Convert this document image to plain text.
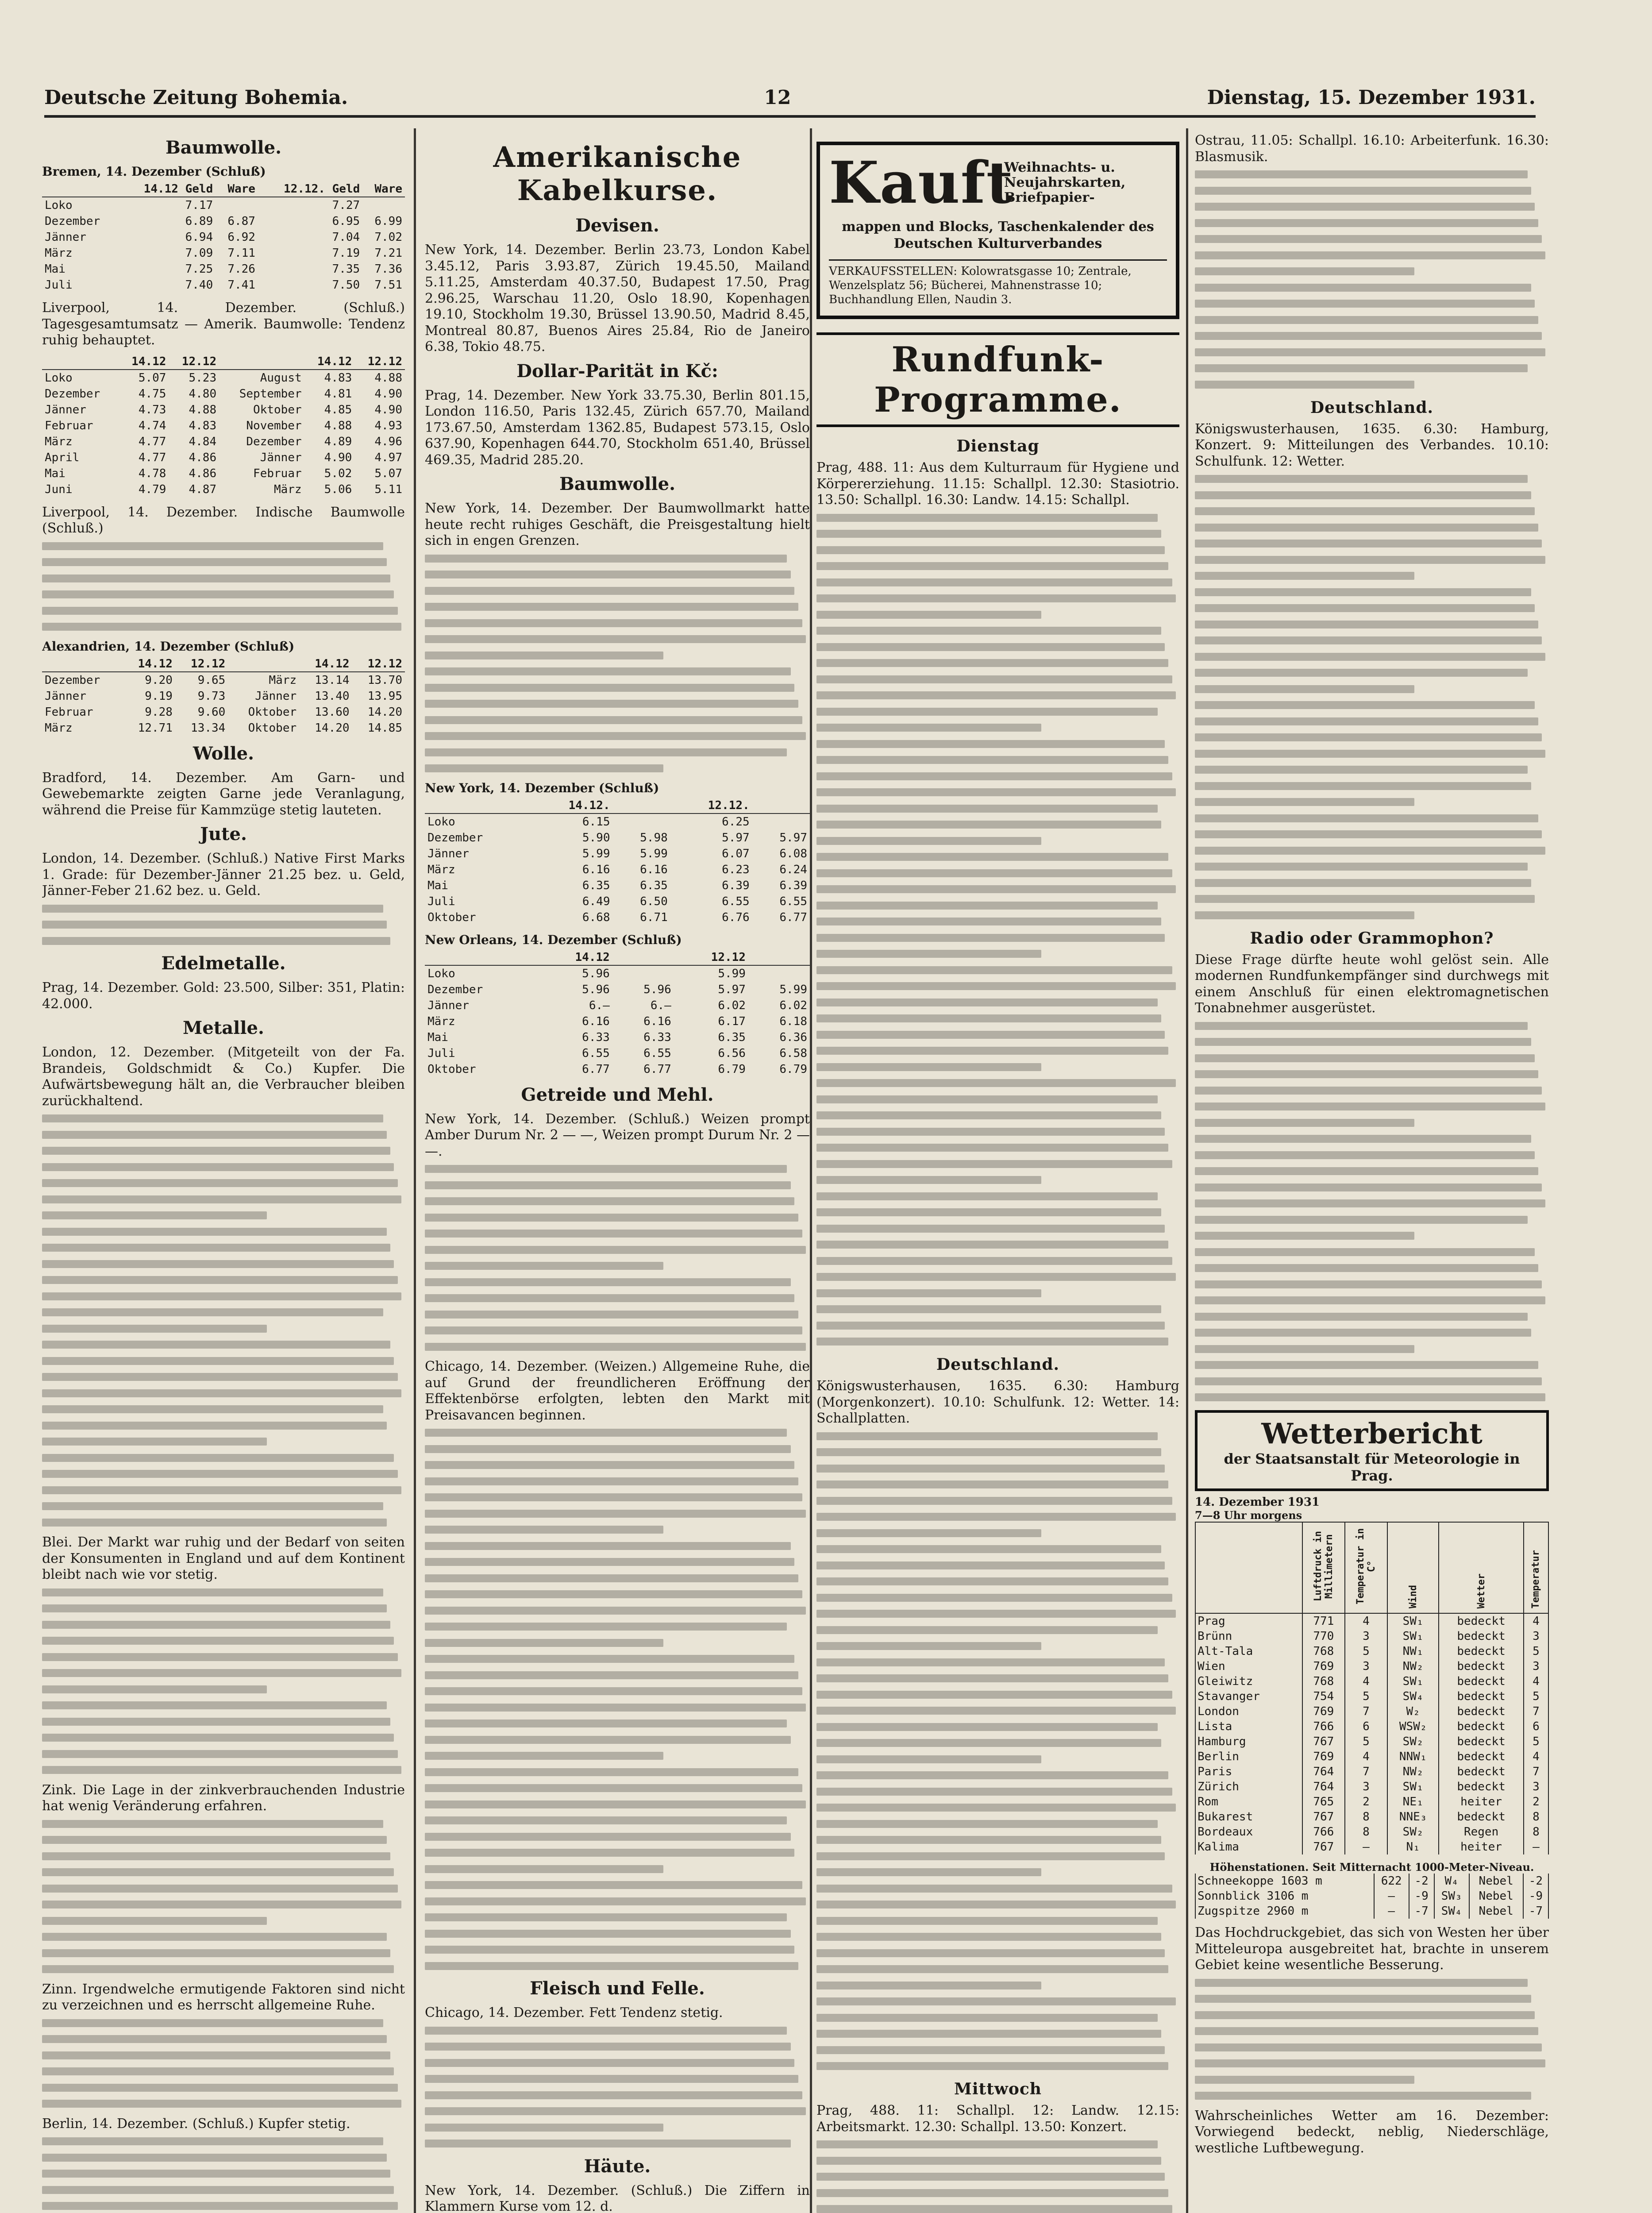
Deutsche Zeitung Bohemia.	12	Dienstag, 15. Dezember 1931.
Baumwolle.
Bremen, 14. Dezember (Schluß)
	14.12 Geld	Ware	12.12. Geld	Ware
Loko	7.17		7.27	
Dezember	6.89	6.87	6.95	6.99
Jänner	6.94	6.92	7.04	7.02
März	7.09	7.11	7.19	7.21
Mai	7.25	7.26	7.35	7.36
Juli	7.40	7.41	7.50	7.51

Liverpool, 14. Dezember. (Schluß.) Tagesgesamtumsatz — Amerik. Baumwolle: Tendenz ruhig behauptet.

	14.12	12.12		14.12	12.12
Loko	5.07	5.23	August	4.83	4.88
Dezember	4.75	4.80	September	4.81	4.90
Jänner	4.73	4.88	Oktober	4.85	4.90
Februar	4.74	4.83	November	4.88	4.93
März	4.77	4.84	Dezember	4.89	4.96
April	4.77	4.86	Jänner	4.90	4.97
Mai	4.78	4.86	Februar	5.02	5.07
Juni	4.79	4.87	März	5.06	5.11

Liverpool, 14. Dezember. Indische Baumwolle (Schluß.)

Alexandrien, 14. Dezember (Schluß)
	14.12	12.12		14.12	12.12
Dezember	9.20	9.65	März	13.14	13.70
Jänner	9.19	9.73	Jänner	13.40	13.95
Februar	9.28	9.60	Oktober	13.60	14.20
März	12.71	13.34	Oktober	14.20	14.85
Wolle.

Bradford, 14. Dezember. Am Garn- und Gewebemarkte zeigten Garne jede Veranlagung, während die Preise für Kammzüge stetig lauteten.

Jute.

London, 14. Dezember. (Schluß.) Native First Marks 1. Grade: für Dezember-Jänner 21.25 bez. u. Geld, Jänner-Feber 21.62 bez. u. Geld.

Edelmetalle.

Prag, 14. Dezember. Gold: 23.500, Silber: 351, Platin: 42.000.

Metalle.

London, 12. Dezember. (Mitgeteilt von der Fa. Brandeis, Goldschmidt & Co.) Kupfer. Die Aufwärtsbewegung hält an, die Verbraucher bleiben zurückhaltend.

Blei. Der Markt war ruhig und der Bedarf von seiten der Konsumenten in England und auf dem Kontinent bleibt nach wie vor stetig.

Zink. Die Lage in der zinkverbrauchenden Industrie hat wenig Veränderung erfahren.

Zinn. Irgendwelche ermutigende Faktoren sind nicht zu verzeichnen und es herrscht allgemeine Ruhe.

Berlin, 14. Dezember. (Schluß.) Kupfer stetig.

Amerikanische Kabelkurse.
Devisen.

New York, 14. Dezember. Berlin 23.73, London Kabel 3.45.12, Paris 3.93.87, Zürich 19.45.50, Mailand 5.11.25, Amsterdam 40.37.50, Budapest 17.50, Prag 2.96.25, Warschau 11.20, Oslo 18.90, Kopenhagen 19.10, Stockholm 19.30, Brüssel 13.90.50, Madrid 8.45, Montreal 80.87, Buenos Aires 25.84, Rio de Janeiro 6.38, Tokio 48.75.

Dollar-Parität in Kč:

Prag, 14. Dezember. New York 33.75.30, Berlin 801.15, London 116.50, Paris 132.45, Zürich 657.70, Mailand 173.67.50, Amsterdam 1362.85, Budapest 573.15, Oslo 637.90, Kopenhagen 644.70, Stockholm 651.40, Brüssel 469.35, Madrid 285.20.

Baumwolle.

New York, 14. Dezember. Der Baumwollmarkt hatte heute recht ruhiges Geschäft, die Preisgestaltung hielt sich in engen Grenzen.

New York, 14. Dezember (Schluß)
	14.12.		12.12.	
Loko	6.15		6.25	
Dezember	5.90	5.98	5.97	5.97
Jänner	5.99	5.99	6.07	6.08
März	6.16	6.16	6.23	6.24
Mai	6.35	6.35	6.39	6.39
Juli	6.49	6.50	6.55	6.55
Oktober	6.68	6.71	6.76	6.77
New Orleans, 14. Dezember (Schluß)
	14.12		12.12	
Loko	5.96		5.99	
Dezember	5.96	5.96	5.97	5.99
Jänner	6.—	6.—	6.02	6.02
März	6.16	6.16	6.17	6.18
Mai	6.33	6.33	6.35	6.36
Juli	6.55	6.55	6.56	6.58
Oktober	6.77	6.77	6.79	6.79
Getreide und Mehl.

New York, 14. Dezember. (Schluß.) Weizen prompt Amber Durum Nr. 2 — —, Weizen prompt Durum Nr. 2 — —.

Chicago, 14. Dezember. (Weizen.) Allgemeine Ruhe, die auf Grund der freundlicheren Eröffnung der Effektenbörse erfolgten, lebten den Markt mit Preisavancen beginnen.

Fleisch und Felle.

Chicago, 14. Dezember. Fett Tendenz stetig.

Häute.

New York, 14. Dezember. (Schluß.) Die Ziffern in Klammern Kurse vom 12. d.

Kauft
Weihnachts- u. Neujahrskarten, Briefpapier-
mappen und Blocks, Taschenkalender des Deutschen Kulturverbandes
VERKAUFSSTELLEN: Kolowratsgasse 10; Zentrale, Wenzelsplatz 56; Bücherei, Mahnenstrasse 10; Buchhandlung Ellen, Naudin 3.
Rundfunk-Programme.
Dienstag

Prag, 488. 11: Aus dem Kulturraum für Hygiene und Körpererziehung. 11.15: Schallpl. 12.30: Stasiotrio. 13.50: Schallpl. 16.30: Landw. 14.15: Schallpl.

Deutschland.

Königswusterhausen, 1635. 6.30: Hamburg (Morgenkonzert). 10.10: Schulfunk. 12: Wetter. 14: Schallplatten.

Mittwoch

Prag, 488. 11: Schallpl. 12: Landw. 12.15: Arbeitsmarkt. 12.30: Schallpl. 13.50: Konzert.

Ostrau, 11.05: Schallpl. 16.10: Arbeiterfunk. 16.30: Blasmusik.

Deutschland.

Königswusterhausen, 1635. 6.30: Hamburg, Konzert. 9: Mitteilungen des Verbandes. 10.10: Schulfunk. 12: Wetter.

Radio oder Grammophon?

Diese Frage dürfte heute wohl gelöst sein. Alle modernen Rundfunkempfänger sind durchwegs mit einem Anschluß für einen elektromagnetischen Tonabnehmer ausgerüstet.

Wetterbericht
der Staatsanstalt für Meteorologie in Prag.
14. Dezember 1931
7—8 Uhr morgens
	Luftdruck in Millimetern	Temperatur in C°	Wind	Wetter	Temperatur
Prag	771	4	SW₁	bedeckt	4
Brünn	770	3	SW₁	bedeckt	3
Alt-Tala	768	5	NW₁	bedeckt	5
Wien	769	3	NW₂	bedeckt	3
Gleiwitz	768	4	SW₁	bedeckt	4
Stavanger	754	5	SW₄	bedeckt	5
London	769	7	W₂	bedeckt	7
Lista	766	6	WSW₂	bedeckt	6
Hamburg	767	5	SW₂	bedeckt	5
Berlin	769	4	NNW₁	bedeckt	4
Paris	764	7	NW₂	bedeckt	7
Zürich	764	3	SW₁	bedeckt	3
Rom	765	2	NE₁	heiter	2
Bukarest	767	8	NNE₃	bedeckt	8
Bordeaux	766	8	SW₂	Regen	8
Kalima	767	—	N₁	heiter	—
Höhenstationen. Seit Mitternacht 1000-Meter-Niveau.
Schneekoppe 1603 m	622	-2	W₄	Nebel	-2
Sonnblick 3106 m	—	-9	SW₃	Nebel	-9
Zugspitze 2960 m	—	-7	SW₄	Nebel	-7

Das Hochdruckgebiet, das sich von Westen her über Mitteleuropa ausgebreitet hat, brachte in unserem Gebiet keine wesentliche Besserung.

Wahrscheinliches Wetter am 16. Dezember: Vorwiegend bedeckt, neblig, Niederschläge, westliche Luftbewegung.
